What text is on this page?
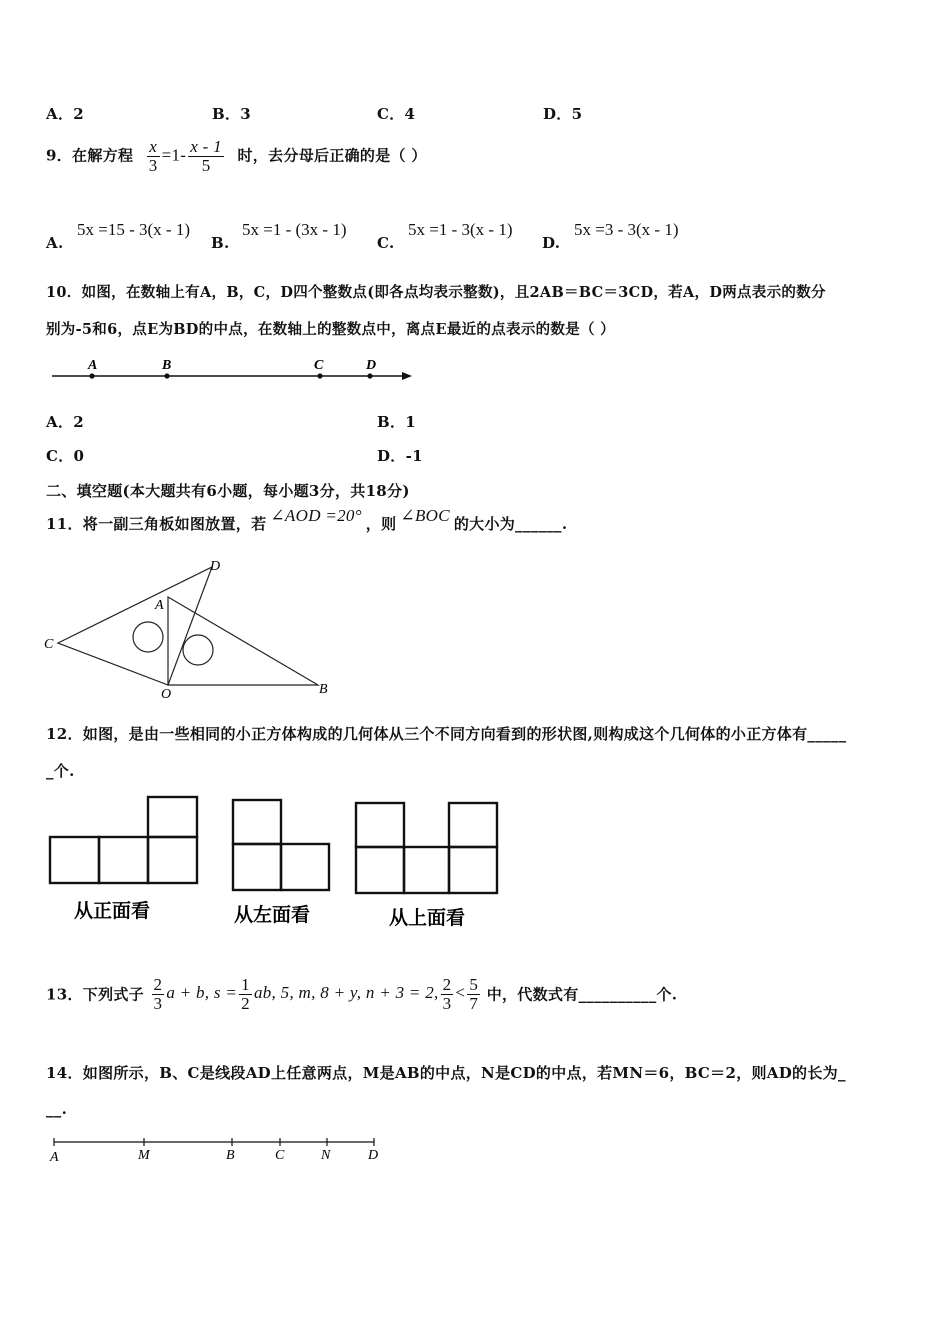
A．2	B．3	C．4	D．5
9．在解方程 $\frac{x}{3} =1- \frac{x - 1}{5}$ 时，去分母后正确的是（ ）
A.
5x =15 - 3(x - 1)
B.
5x =1 - (3x - 1)
C.
5x =1 - 3(x - 1)
D.
5x =3 - 3(x - 1)
10．如图，在数轴上有A，B，C，D四个整数点(即各点均表示整数)，且2AB＝BC＝3CD，若A，D两点表示的数分
别为-5和6，点E为BD的中点，在数轴上的整数点中，离点E最近的点表示的数是（ ）
A	B	C	D
A．2	B．1
C．0	D．-1
二、填空题(本大题共有6小题，每小题3分，共18分)
11．将一副三角板如图放置，若 ∠AOD =20° ，则 ∠BOC 的大小为______.
D
A
C
O	B
12．如图，是由一些相同的小正方体构成的几何体从三个不同方向看到的形状图,则构成这个几何体的小正方体有_____
_个.
从正面看	从左面看	从上面看
13．下列式子 $\frac{2}{3}$ a + b, $s = \frac{1}{2}$ ab, 5, m, 8 + y, n + 3 = 2, $\frac{2}{3} < \frac{5}{7}$ 中，代数式有__________个.
14．如图所示，B、C是线段AD上任意两点，M是AB的中点，N是CD的中点，若MN＝6，BC＝2，则AD的长为_
__.
A	M	B	C	N	D
